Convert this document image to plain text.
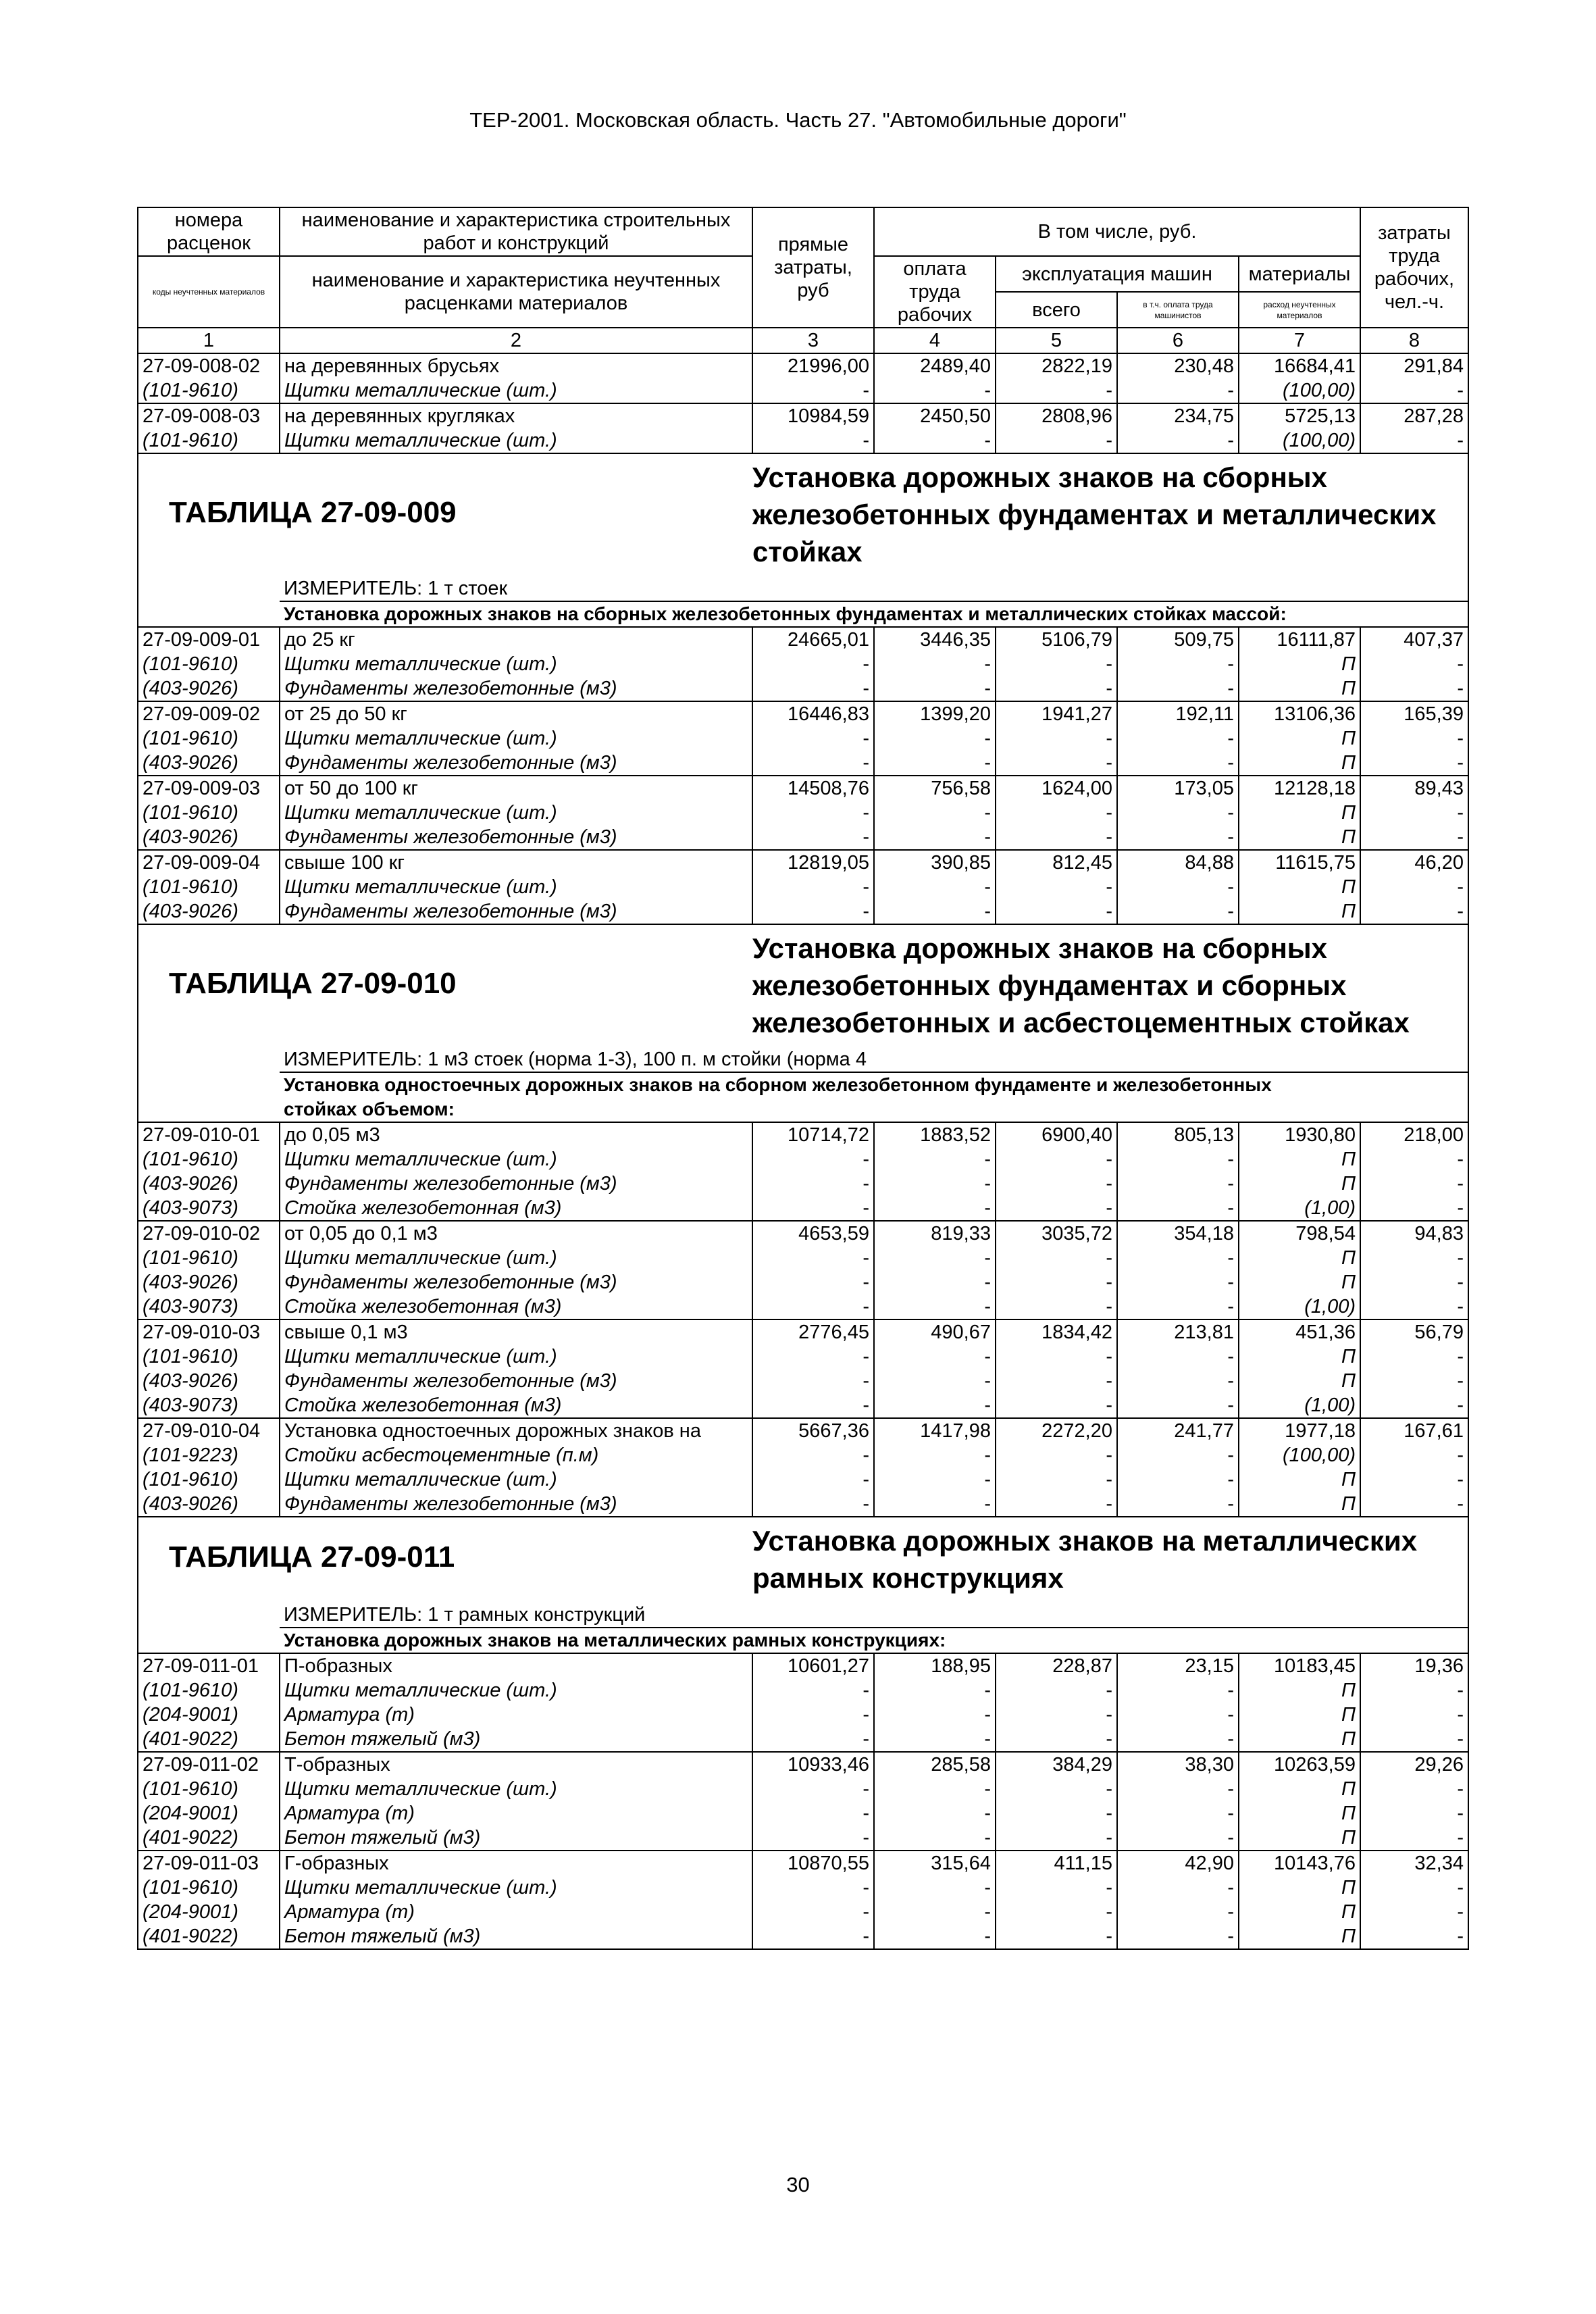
ТЕР-2001. Московская область. Часть 27. "Автомобильные дороги"
номера расценок	наименование и характеристика строительных работ и конструкций	прямые затраты, руб	В том числе, руб.				затраты труда рабочих, чел.-ч.
коды неучтенных материалов	наименование и характеристика неучтенных расценками материалов		оплата труда рабочих	эксплуатация машин		материалы	
				всего	в т.ч. оплата труда машинистов	расход неучтенных материалов	
1	2	3	4	5	6	7	8
27-09-008-02	на деревянных брусьях	21996,00	2489,40	2822,19	230,48	16684,41	291,84
(101-9610)	Щитки металлические (шт.)	-	-	-	-	(100,00)	-
27-09-008-03	на деревянных кругляках	10984,59	2450,50	2808,96	234,75	5725,13	287,28
(101-9610)	Щитки металлические (шт.)	-	-	-	-	(100,00)	-
ТАБЛИЦА 27-09-009		Установка дорожных знаков на сборных
железобетонных фундаментах и металлических
стойках					

	ИЗМЕРИТЕЛЬ: 1 т стоек						
	Установка дорожных знаков на сборных железобетонных фундаментах и металлических стойках массой:						
27-09-009-01	до 25 кг	24665,01	3446,35	5106,79	509,75	16111,87	407,37
(101-9610)	Щитки металлические (шт.)	-	-	-	-	П	-
(403-9026)	Фундаменты железобетонные (м3)	-	-	-	-	П	-
27-09-009-02	от 25 до 50 кг	16446,83	1399,20	1941,27	192,11	13106,36	165,39
(101-9610)	Щитки металлические (шт.)	-	-	-	-	П	-
(403-9026)	Фундаменты железобетонные (м3)	-	-	-	-	П	-
27-09-009-03	от 50 до 100 кг	14508,76	756,58	1624,00	173,05	12128,18	89,43
(101-9610)	Щитки металлические (шт.)	-	-	-	-	П	-
(403-9026)	Фундаменты железобетонные (м3)	-	-	-	-	П	-
27-09-009-04	свыше 100 кг	12819,05	390,85	812,45	84,88	11615,75	46,20
(101-9610)	Щитки металлические (шт.)	-	-	-	-	П	-
(403-9026)	Фундаменты железобетонные (м3)	-	-	-	-	П	-
ТАБЛИЦА 27-09-010		Установка дорожных знаков на сборных
железобетонных фундаментах и сборных
железобетонных и асбестоцементных стойках					

	ИЗМЕРИТЕЛЬ: 1 м3 стоек (норма 1-3), 100 п. м стойки (норма 4						
	Установка одностоечных дорожных знаков на сборном железобетонном фундаменте и железобетонных						
	стойках объемом:						
27-09-010-01	до 0,05 м3	10714,72	1883,52	6900,40	805,13	1930,80	218,00
(101-9610)	Щитки металлические (шт.)	-	-	-	-	П	-
(403-9026)	Фундаменты железобетонные (м3)	-	-	-	-	П	-
(403-9073)	Стойка железобетонная (м3)	-	-	-	-	(1,00)	-
27-09-010-02	от 0,05 до 0,1 м3	4653,59	819,33	3035,72	354,18	798,54	94,83
(101-9610)	Щитки металлические (шт.)	-	-	-	-	П	-
(403-9026)	Фундаменты железобетонные (м3)	-	-	-	-	П	-
(403-9073)	Стойка железобетонная (м3)	-	-	-	-	(1,00)	-
27-09-010-03	свыше 0,1 м3	2776,45	490,67	1834,42	213,81	451,36	56,79
(101-9610)	Щитки металлические (шт.)	-	-	-	-	П	-
(403-9026)	Фундаменты железобетонные (м3)	-	-	-	-	П	-
(403-9073)	Стойка железобетонная (м3)	-	-	-	-	(1,00)	-
27-09-010-04	Установка одностоечных дорожных знаков на	5667,36	1417,98	2272,20	241,77	1977,18	167,61
(101-9223)	Стойки асбестоцементные (п.м)	-	-	-	-	(100,00)	-
(101-9610)	Щитки металлические (шт.)	-	-	-	-	П	-
(403-9026)	Фундаменты железобетонные (м3)	-	-	-	-	П	-
ТАБЛИЦА 27-09-011		Установка дорожных знаков на металлических
рамных конструкциях					

	ИЗМЕРИТЕЛЬ: 1 т рамных конструкций						
	Установка дорожных знаков на металлических рамных конструкциях:						
27-09-011-01	П-образных	10601,27	188,95	228,87	23,15	10183,45	19,36
(101-9610)	Щитки металлические (шт.)	-	-	-	-	П	-
(204-9001)	Арматура (т)	-	-	-	-	П	-
(401-9022)	Бетон тяжелый (м3)	-	-	-	-	П	-
27-09-011-02	Т-образных	10933,46	285,58	384,29	38,30	10263,59	29,26
(101-9610)	Щитки металлические (шт.)	-	-	-	-	П	-
(204-9001)	Арматура (т)	-	-	-	-	П	-
(401-9022)	Бетон тяжелый (м3)	-	-	-	-	П	-
27-09-011-03	Г-образных	10870,55	315,64	411,15	42,90	10143,76	32,34
(101-9610)	Щитки металлические (шт.)	-	-	-	-	П	-
(204-9001)	Арматура (т)	-	-	-	-	П	-
(401-9022)	Бетон тяжелый (м3)	-	-	-	-	П	-
30
